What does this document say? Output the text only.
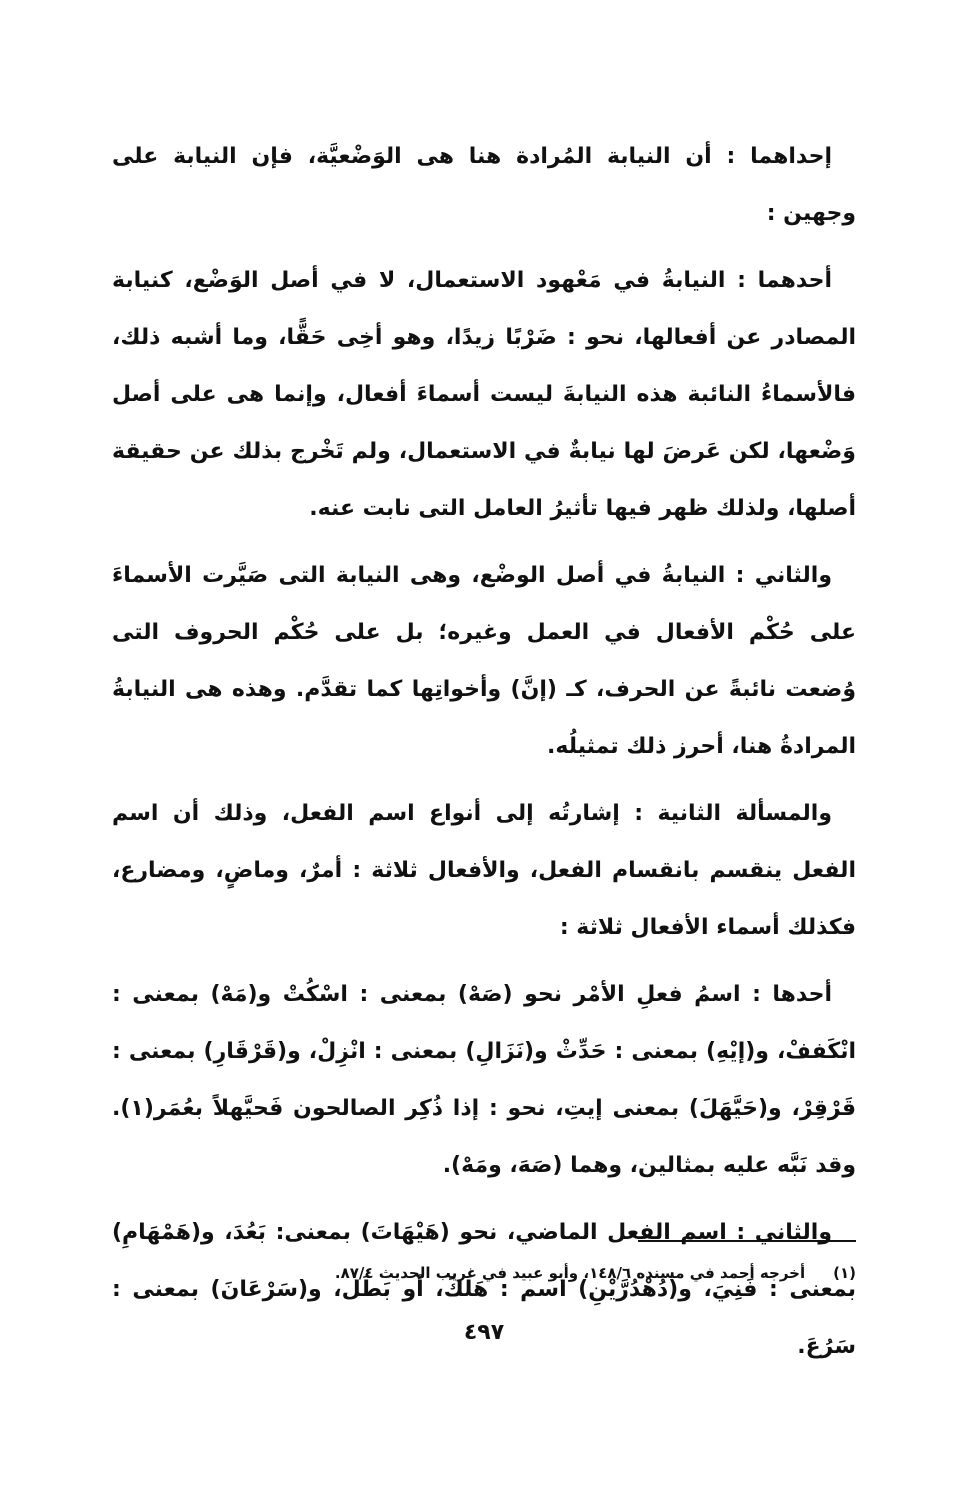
إحداهما : أن النيابة المُرادة هنا هى الوَضْعيَّة، فإن النيابة على وجهين :

أحدهما : النيابةُ في مَعْهود الاستعمال، لا في أصل الوَضْع، كنيابة المصادر عن أفعالها، نحو : ضَرْبًا زيدًا، وهو أخِى حَقًّا، وما أشبه ذلك، فالأسماءُ النائبة هذه النيابةَ ليست أسماءَ أفعال، وإنما هى على أصل وَضْعها، لكن عَرضَ لها نيابةٌ في الاستعمال، ولم تَخْرج بذلك عن حقيقة أصلها، ولذلك ظهر فيها تأثيرُ العامل التى نابت عنه.

والثاني : النيابةُ في أصل الوضْع، وهى النيابة التى صَيَّرت الأسماءَ على حُكْم الأفعال في العمل وغيره؛ بل على حُكْم الحروف التى وُضعت نائبةً عن الحرف، كـ (إنَّ) وأخواتِها كما تقدَّم. وهذه هى النيابةُ المرادةُ هنا، أحرز ذلك تمثيلُه.

والمسألة الثانية : إشارتُه إلى أنواع اسم الفعل، وذلك أن اسم الفعل ينقسم بانقسام الفعل، والأفعال ثلاثة : أمرٌ، وماضٍ، ومضارع، فكذلك أسماء الأفعال ثلاثة :

أحدها : اسمُ فعلِ الأمْر نحو (صَهْ) بمعنى : اسْكُتْ و(مَهْ) بمعنى : انْكَففْ، و(إيْهِ) بمعنى : حَدِّثْ و(نَزَالِ) بمعنى : انْزِلْ، و(قَرْقَارِ) بمعنى : قَرْقِرْ، و(حَيَّهَلَ) بمعنى إيتِ، نحو : إذا ذُكِر الصالحون فَحيَّهلاً بعُمَر(١). وقد نَبَّه عليه بمثالين، وهما (صَهَ، ومَهْ).

والثاني : اسم الفعل الماضي، نحو (هَيْهَاتَ) بمعنى: بَعُدَ، و(هَمْهَامِ) بمعنى : فَنِيَ، و(دُهْدُرَّيْنِ) اسم : هَلَكَ، أو بَطَل، و(سَرْعَانَ) بمعنى : سَرُعَ.

(١)أخرجه أحمد في مسنده ١٤٨/٦، وأبو عبيد في غريب الحديث ٨٧/٤.
٤٩٧
